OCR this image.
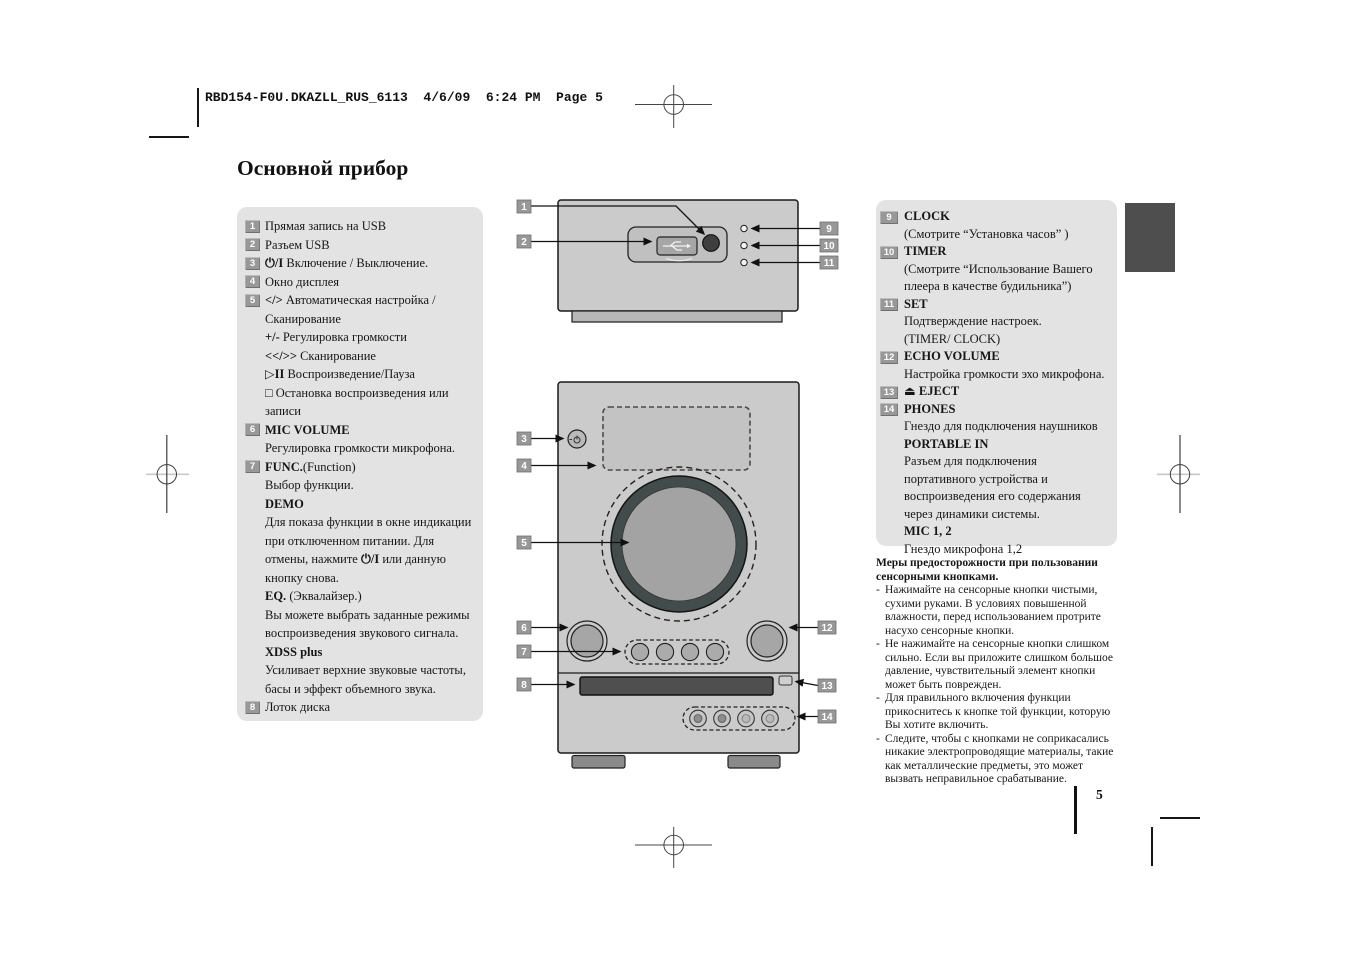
RBD154-F0U.DKAZLL_RUS_6113  4/6/09  6:24 PM  Page 5
Основной прибор
1 Прямая запись на USB
2 Разъем USB
3 ⏻/I Включение / Выключение.
4 Окно дисплея
5 </> Автоматическая настройка / Сканирование
+/- Регулировка громкости
<</>> Сканирование
▷II Воспроизведение/Пауза
□ Остановка воспроизведения или записи
6 MIC VOLUME
Регулировка громкости микрофона.
7 FUNC.(Function)
Выбор функции.
DEMO
Для показа функции в окне индикации при отключенном питании. Для отмены, нажмите ⏻/I или данную кнопку снова.
EQ. (Эквалайзер.)
Вы можете выбрать заданные режимы воспроизведения звукового сигнала.
XDSS plus
Усиливает верхние звуковые частоты, басы и эффект объемного звука.
8 Лоток диска
9 CLOCK
(Смотрите “Установка часов” )
10 TIMER
(Смотрите “Использование Вашего плеера в качестве будильника”)
11 SET
Подтверждение настроек.
(TIMER/ CLOCK)
12 ECHO VOLUME
Настройка громкости эхо микрофона.
13 ⏏ EJECT
14 PHONES
Гнездо для подключения наушников
PORTABLE IN
Разъем для подключения портативного устройства и воспроизведения его содержания через динамики системы.
MIC 1, 2
Гнездо микрофона 1,2
Меры предосторожности при пользовании сенсорными кнопками.
- Нажимайте на сенсорные кнопки чистыми, сухими руками. В условиях повышенной влажности, перед использованием протрите насухо сенсорные кнопки.
- Не нажимайте на сенсорные кнопки слишком сильно. Если вы приложите слишком большое давление, чувствительный элемент кнопки может быть поврежден.
- Для правильного включения функции прикоснитесь к кнопке той функции, которую Вы хотите включить.
- Следите, чтобы с кнопками не соприкасались никакие электропроводящие материалы, такие как металлические предметы, это может вызвать неправильное срабатывание.
1
2
3
4
5
6
7
8
9
10
11
12
13
14
5
